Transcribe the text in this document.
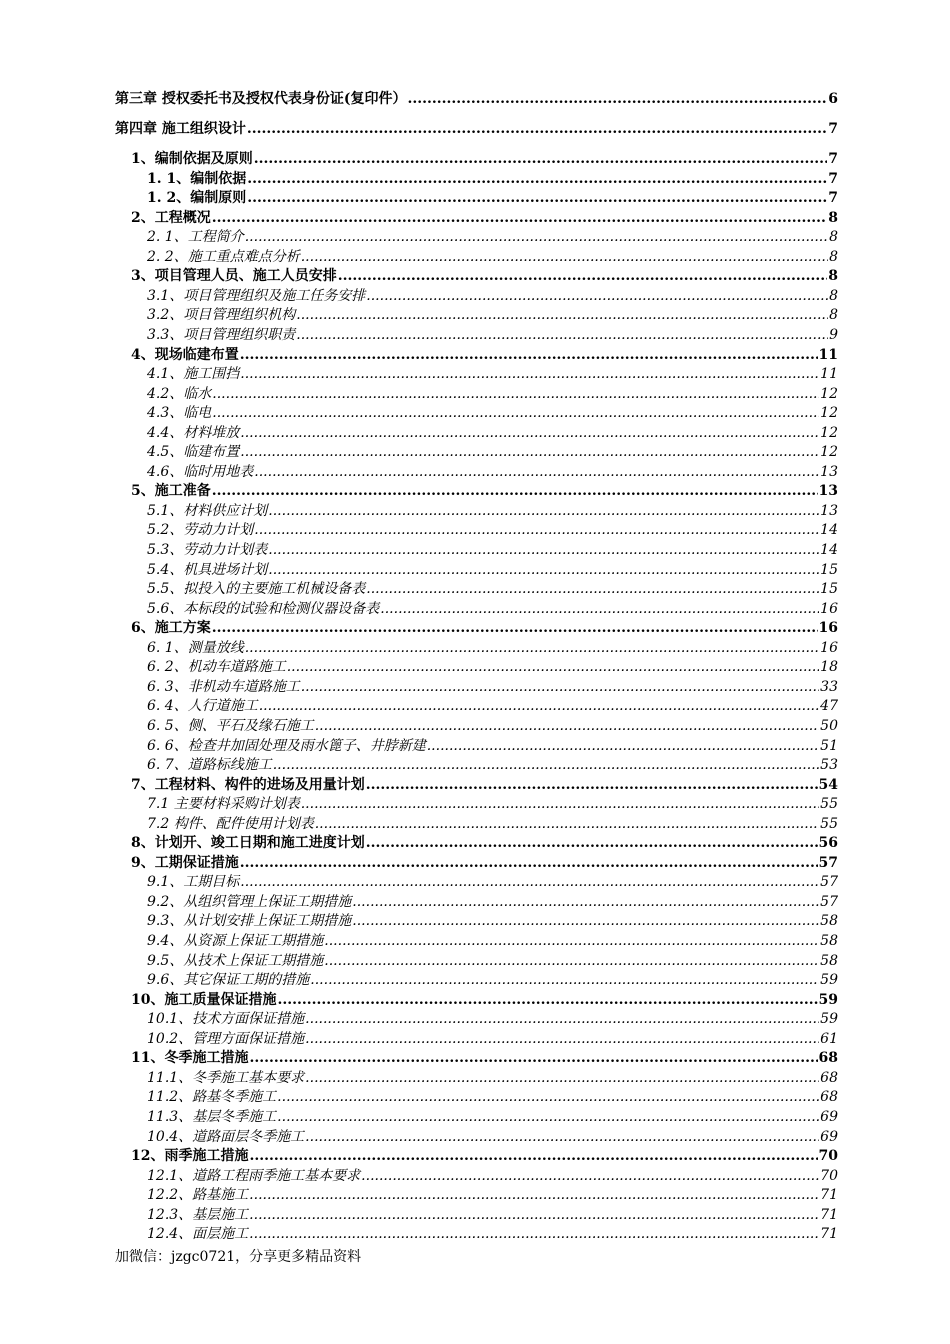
第三章 授权委托书及授权代表身份证(复印件） .....	6
第四章 施工组织设计 .....	7
1、编制依据及原则 .....	7
1. 1、编制依据 .....	7
1. 2、编制原则 .....	7
2、工程概况 .....	8
2. 1、工程简介 .....	8
2. 2、施工重点难点分析 .....	8
3、项目管理人员、施工人员安排 .....	8
3.1、项目管理组织及施工任务安排 .....	8
3.2、项目管理组织机构 .....	8
3.3、项目管理组织职责 .....	9
4、现场临建布置 .....	11
4.1、施工围挡 .....	11
4.2、临水 .....	12
4.3、临电 .....	12
4.4、材料堆放 .....	12
4.5、临建布置 .....	12
4.6、临时用地表 .....	13
5、施工准备 .....	13
5.1、材料供应计划 .....	13
5.2、劳动力计划 .....	14
5.3、劳动力计划表 .....	14
5.4、机具进场计划 .....	15
5.5、拟投入的主要施工机械设备表 .....	15
5.6、本标段的试验和检测仪器设备表 .....	16
6、施工方案 .....	16
6. 1、测量放线 .....	16
6. 2、机动车道路施工 .....	18
6. 3、非机动车道路施工 .....	33
6. 4、人行道施工 .....	47
6. 5、侧、平石及缘石施工 .....	50
6. 6、检查井加固处理及雨水篦子、井脖新建 .....	51
6. 7、道路标线施工 .....	53
7、工程材料、构件的进场及用量计划 .....	54
7.1 主要材料采购计划表 .....	55
7.2 构件、配件使用计划表 .....	55
8、计划开、竣工日期和施工进度计划 .....	56
9、工期保证措施 .....	57
9.1、工期目标 .....	57
9.2、从组织管理上保证工期措施 .....	57
9.3、从计划安排上保证工期措施 .....	58
9.4、从资源上保证工期措施 .....	58
9.5、从技术上保证工期措施 .....	58
9.6、其它保证工期的措施 .....	59
10、施工质量保证措施 .....	59
10.1、技术方面保证措施 .....	59
10.2、管理方面保证措施 .....	61
11、冬季施工措施 .....	68
11.1、冬季施工基本要求 .....	68
11.2、路基冬季施工 .....	68
11.3、基层冬季施工 .....	69
10.4、道路面层冬季施工 .....	69
12、雨季施工措施 .....	70
12.1、道路工程雨季施工基本要求 .....	70
12.2、路基施工 .....	71
12.3、基层施工 .....	71
12.4、面层施工 .....	71
加微信：jzgc0721，分享更多精品资料
